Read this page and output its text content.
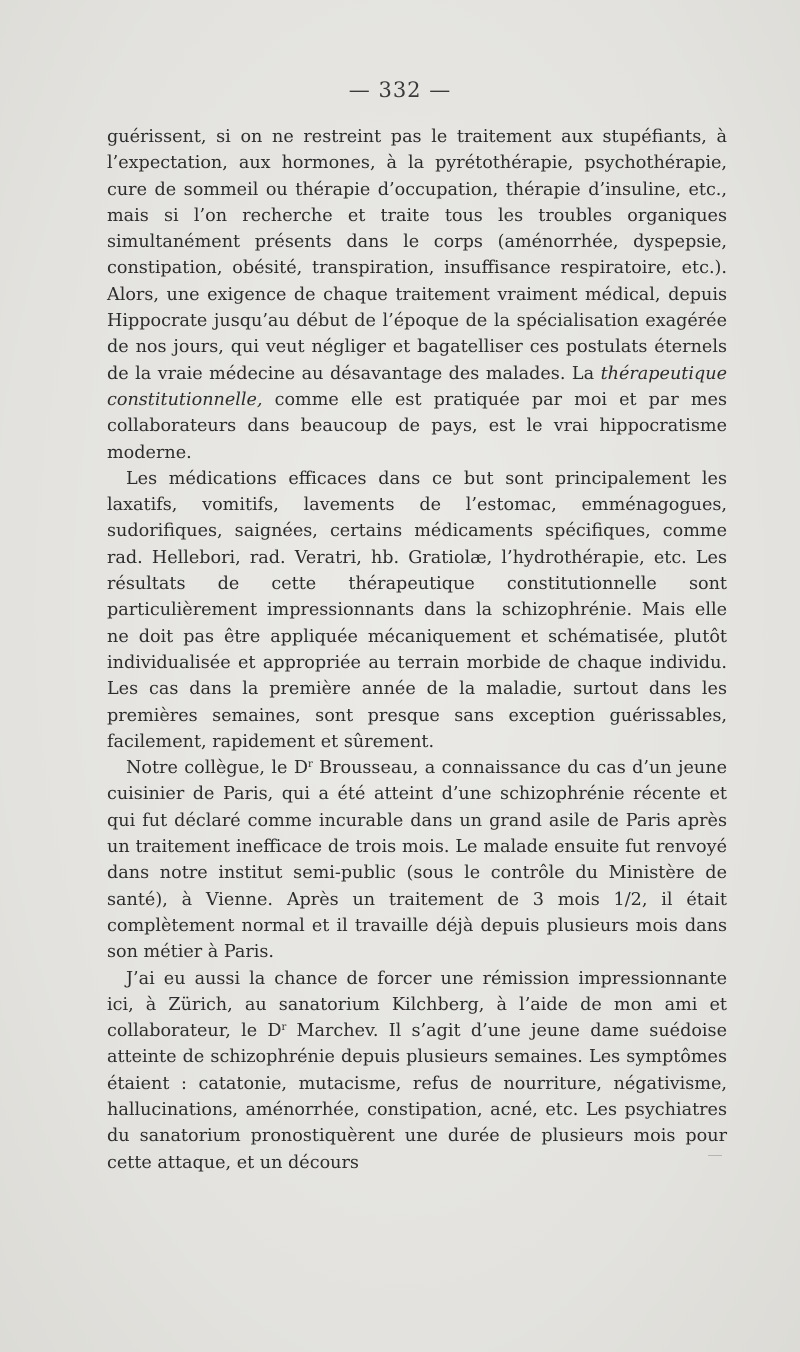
— 332 —

guérissent, si on ne restreint pas le traitement aux stupéfiants, à l’expectation, aux hormones, à la pyrétothérapie, psychothérapie, cure de sommeil ou thérapie d’occupation, thérapie d’insuline, etc., mais si l’on recherche et traite tous les troubles organiques simultanément présents dans le corps (aménorrhée, dyspepsie, constipation, obésité, transpiration, insuffisance respiratoire, etc.). Alors, une exigence de chaque traitement vraiment médical, depuis Hippocrate jusqu’au début de l’époque de la spécialisation exagérée de nos jours, qui veut négliger et bagatelliser ces postulats éternels de la vraie médecine au désavantage des malades. La thérapeutique constitutionnelle, comme elle est pratiquée par moi et par mes collaborateurs dans beaucoup de pays, est le vrai hippocratisme moderne.

Les médications efficaces dans ce but sont principalement les laxatifs, vomitifs, lavements de l’estomac, emménagogues, sudorifiques, saignées, certains médicaments spécifiques, comme rad. Hellebori, rad. Veratri, hb. Gratiolæ, l’hydrothérapie, etc. Les résultats de cette thérapeutique constitutionnelle sont particulièrement impressionnants dans la schizophrénie. Mais elle ne doit pas être appliquée mécaniquement et schématisée, plutôt individualisée et appropriée au terrain morbide de chaque individu. Les cas dans la première année de la maladie, surtout dans les premières semaines, sont presque sans exception guérissables, facilement, rapidement et sûrement.

Notre collègue, le $D^r$ Brousseau, a connaissance du cas d’un jeune cuisinier de Paris, qui a été atteint d’une schizophrénie récente et qui fut déclaré comme incurable dans un grand asile de Paris après un traitement inefficace de trois mois. Le malade ensuite fut renvoyé dans notre institut semi-public (sous le contrôle du Ministère de santé), à Vienne. Après un traitement de 3 mois 1/2, il était complètement normal et il travaille déjà depuis plusieurs mois dans son métier à Paris.

J’ai eu aussi la chance de forcer une rémission impressionnante ici, à Zürich, au sanatorium Kilchberg, à l’aide de mon ami et collaborateur, le $D^r$ Marchev. Il s’agit d’une jeune dame suédoise atteinte de schizophrénie depuis plusieurs semaines. Les symptômes étaient : catatonie, mutacisme, refus de nourriture, négativisme, hallucinations, aménorrhée, constipation, acné, etc. Les psychiatres du sanatorium pronostiquèrent une durée de plusieurs mois pour cette attaque, et un décours
